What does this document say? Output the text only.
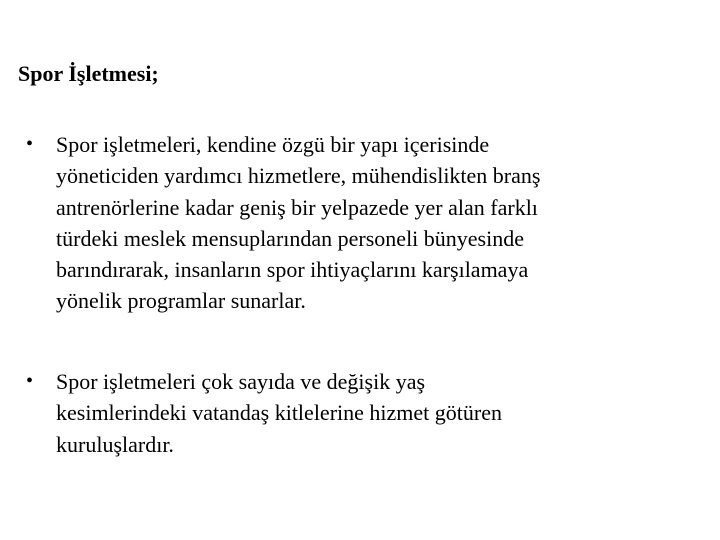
Spor İşletmesi;
•	Spor işletmeleri, kendine özgü bir yapı içerisinde
yöneticiden yardımcı hizmetlere, mühendislikten branş
antrenörlerine kadar geniş bir yelpazede yer alan farklı
türdeki meslek mensuplarından personeli bünyesinde
barındırarak, insanların spor ihtiyaçlarını karşılamaya
yönelik programlar sunarlar.
•	Spor işletmeleri çok sayıda ve değişik yaş
kesimlerindeki vatandaş kitlelerine hizmet götüren
kuruluşlardır.
